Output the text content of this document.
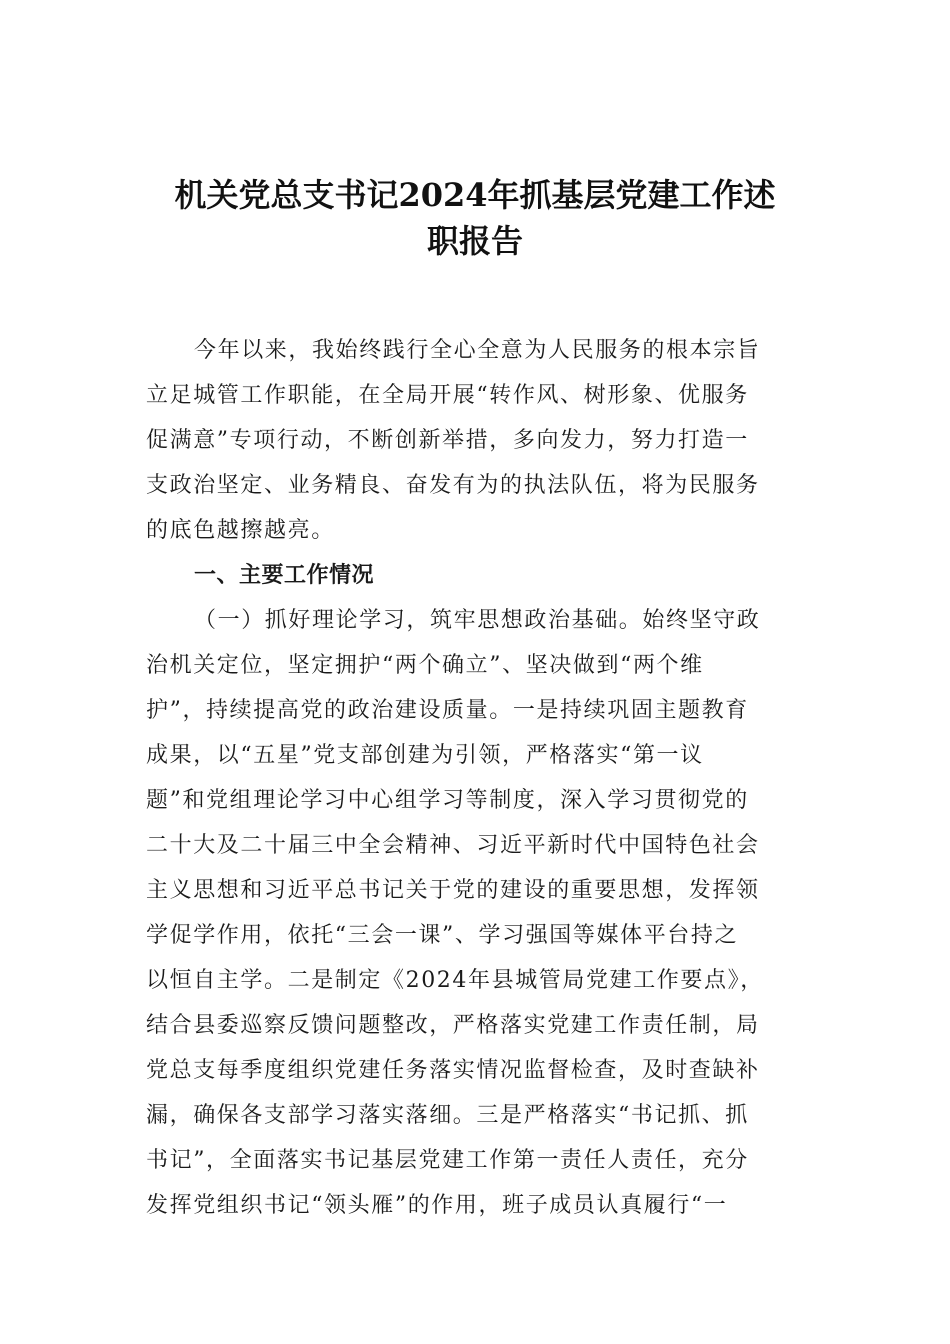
机关党总支书记2024年抓基层党建工作述
职报告
今年以来，我始终践行全心全意为人民服务的根本宗旨
立足城管工作职能，在全局开展“转作风、树形象、优服务
促满意”专项行动，不断创新举措，多向发力，努力打造一
支政治坚定、业务精良、奋发有为的执法队伍，将为民服务
的底色越擦越亮。
一、主要工作情况
（一）抓好理论学习，筑牢思想政治基础。始终坚守政
治机关定位，坚定拥护“两个确立”、坚决做到“两个维
护”，持续提高党的政治建设质量。一是持续巩固主题教育
成果，以“五星”党支部创建为引领，严格落实“第一议
题”和党组理论学习中心组学习等制度，深入学习贯彻党的
二十大及二十届三中全会精神、习近平新时代中国特色社会
主义思想和习近平总书记关于党的建设的重要思想，发挥领
学促学作用，依托“三会一课”、学习强国等媒体平台持之
以恒自主学。二是制定《2024年县城管局党建工作要点》，
结合县委巡察反馈问题整改，严格落实党建工作责任制，局
党总支每季度组织党建任务落实情况监督检查，及时查缺补
漏，确保各支部学习落实落细。三是严格落实“书记抓、抓
书记”，全面落实书记基层党建工作第一责任人责任，充分
发挥党组织书记“领头雁”的作用，班子成员认真履行“一
